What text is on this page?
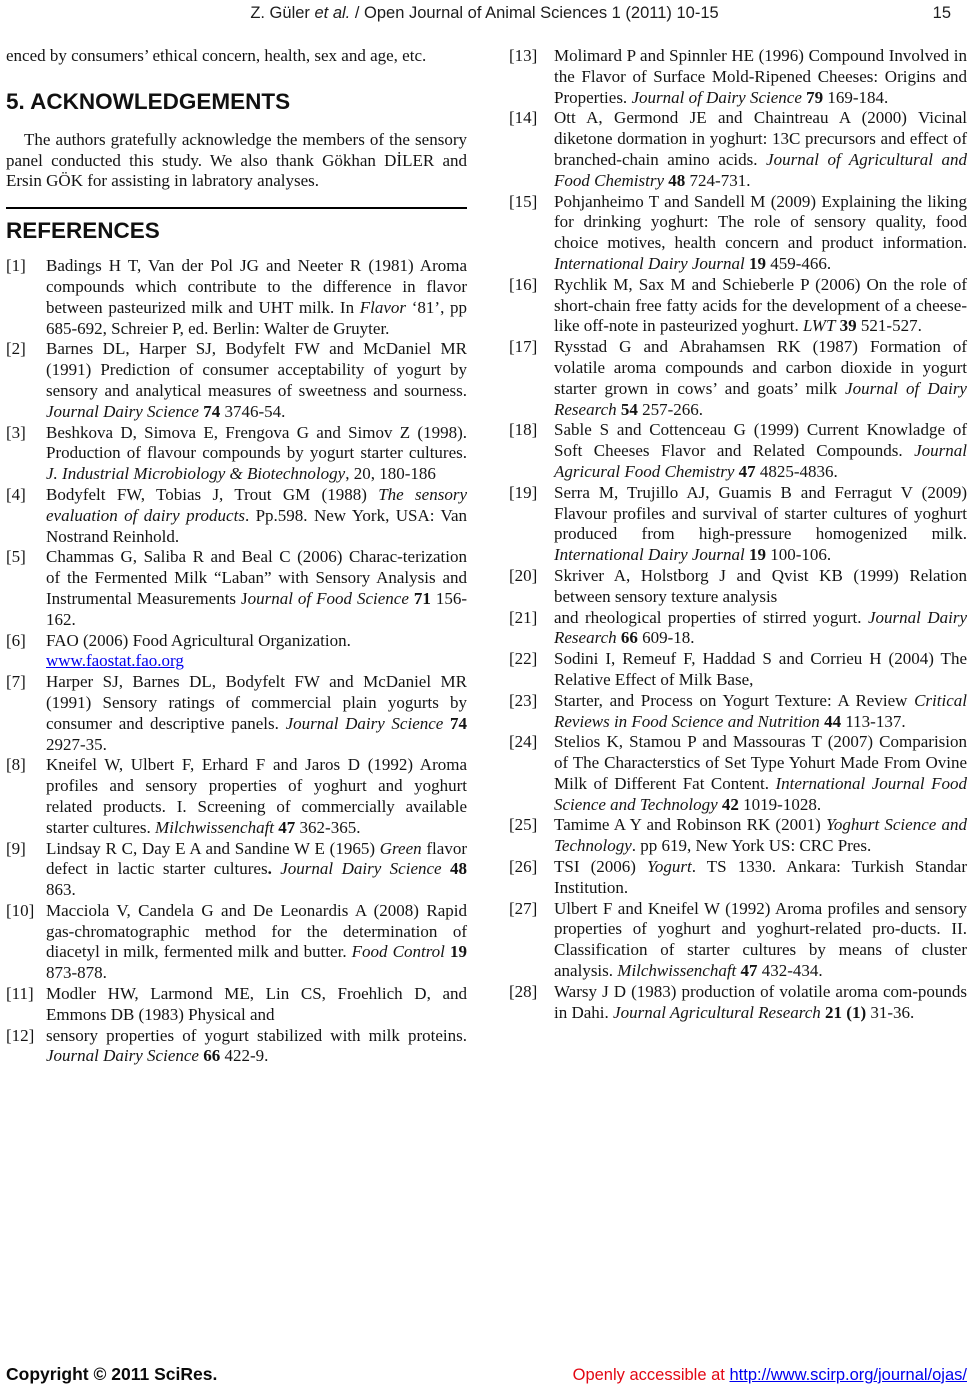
Z. Güler et al. / Open Journal of Animal Sciences 1 (2011) 10-15	15

enced by consumers’ ethical concern, health, sex and age, etc.

5. ACKNOWLEDGEMENTS

The authors gratefully acknowledge the members of the sensory panel conducted this study. We also thank Gökhan DİLER and Ersin GÖK for assisting in labratory analyses.

REFERENCES
[1] Badings H T, Van der Pol JG and Neeter R (1981) Aroma compounds which contribute to the difference in flavor between pasteurized milk and UHT milk. In Flavor ‘81’, pp 685-692, Schreier P, ed. Berlin: Walter de Gruyter.
[2] Barnes DL, Harper SJ, Bodyfelt FW and McDaniel MR (1991) Prediction of consumer acceptability of yogurt by sensory and analytical measures of sweetness and sourness. Journal Dairy Science 74 3746-54.
[3] Beshkova D, Simova E, Frengova G and Simov Z (1998). Production of flavour compounds by yogurt starter cultures. J. Industrial Microbiology & Biotechnology, 20, 180-186
[4] Bodyfelt FW, Tobias J, Trout GM (1988) The sensory evaluation of dairy products. Pp.598. New York, USA: Van Nostrand Reinhold.
[5] Chammas G, Saliba R and Beal C (2006) Charac-terization of the Fermented Milk “Laban” with Sensory Analysis and Instrumental Measurements Journal of Food Science 71 156-162.
[6] FAO (2006) Food Agricultural Organization.
www.faostat.fao.org
[7] Harper SJ, Barnes DL, Bodyfelt FW and McDaniel MR (1991) Sensory ratings of commercial plain yogurts by consumer and descriptive panels. Journal Dairy Science 74 2927-35.
[8] Kneifel W, Ulbert F, Erhard F and Jaros D (1992) Aroma profiles and sensory properties of yoghurt and yoghurt related products. I. Screening of commercially available starter cultures. Milchwissenchaft 47 362-365.
[9] Lindsay R C, Day E A and Sandine W E (1965) Green flavor defect in lactic starter cultures. Journal Dairy Science 48 863.
[10] Macciola V, Candela G and De Leonardis A (2008) Rapid gas-chromatographic method for the determination of diacetyl in milk, fermented milk and butter. Food Control 19 873-878.
[11] Modler HW, Larmond ME, Lin CS, Froehlich D, and Emmons DB (1983) Physical and
[12] sensory properties of yogurt stabilized with milk proteins. Journal Dairy Science 66 422-9.
[13] Molimard P and Spinnler HE (1996) Compound Involved in the Flavor of Surface Mold-Ripened Cheeses: Origins and Properties. Journal of Dairy Science 79 169-184.
[14] Ott A, Germond JE and Chaintreau A (2000) Vicinal diketone dormation in yoghurt: 13C precursors and effect of branched-chain amino acids. Journal of Agricultural and Food Chemistry 48 724-731.
[15] Pohjanheimo T and Sandell M (2009) Explaining the liking for drinking yoghurt: The role of sensory quality, food choice motives, health concern and product information. International Dairy Journal 19 459-466.
[16] Rychlik M, Sax M and Schieberle P (2006) On the role of short-chain free fatty acids for the development of a cheese-like off-note in pasteurized yoghurt. LWT 39 521-527.
[17] Rysstad G and Abrahamsen RK (1987) Formation of volatile aroma compounds and carbon dioxide in yogurt starter grown in cows’ and goats’ milk Journal of Dairy Research 54 257-266.
[18] Sable S and Cottenceau G (1999) Current Knowladge of Soft Cheeses Flavor and Related Compounds. Journal Agricural Food Chemistry 47 4825-4836.
[19] Serra M, Trujillo AJ, Guamis B and Ferragut V (2009) Flavour profiles and survival of starter cultures of yoghurt produced from high-pressure homogenized milk. International Dairy Journal 19 100-106.
[20] Skriver A, Holstborg J and Qvist KB (1999) Relation between sensory texture analysis
[21] and rheological properties of stirred yogurt. Journal Dairy Research 66 609-18.
[22] Sodini I, Remeuf F, Haddad S and Corrieu H (2004) The Relative Effect of Milk Base,
[23] Starter, and Process on Yogurt Texture: A Review Critical Reviews in Food Science and Nutrition 44 113-137.
[24] Stelios K, Stamou P and Massouras T (2007) Comparision of The Characterstics of Set Type Yohurt Made From Ovine Milk of Different Fat Content. International Journal Food Science and Technology 42 1019-1028.
[25] Tamime A Y and Robinson RK (2001) Yoghurt Science and Technology. pp 619, New York US: CRC Pres.
[26] TSI (2006) Yogurt. TS 1330. Ankara: Turkish Standar Institution.
[27] Ulbert F and Kneifel W (1992) Aroma profiles and sensory properties of yoghurt and yoghurt-related pro-ducts. II. Classification of starter cultures by means of cluster analysis. Milchwissenchaft 47 432-434.
[28] Warsy J D (1983) production of volatile aroma com-pounds in Dahi. Journal Agricultural Research 21 (1) 31-36.
Copyright © 2011 SciRes.	Openly accessible at http://www.scirp.org/journal/ojas/
